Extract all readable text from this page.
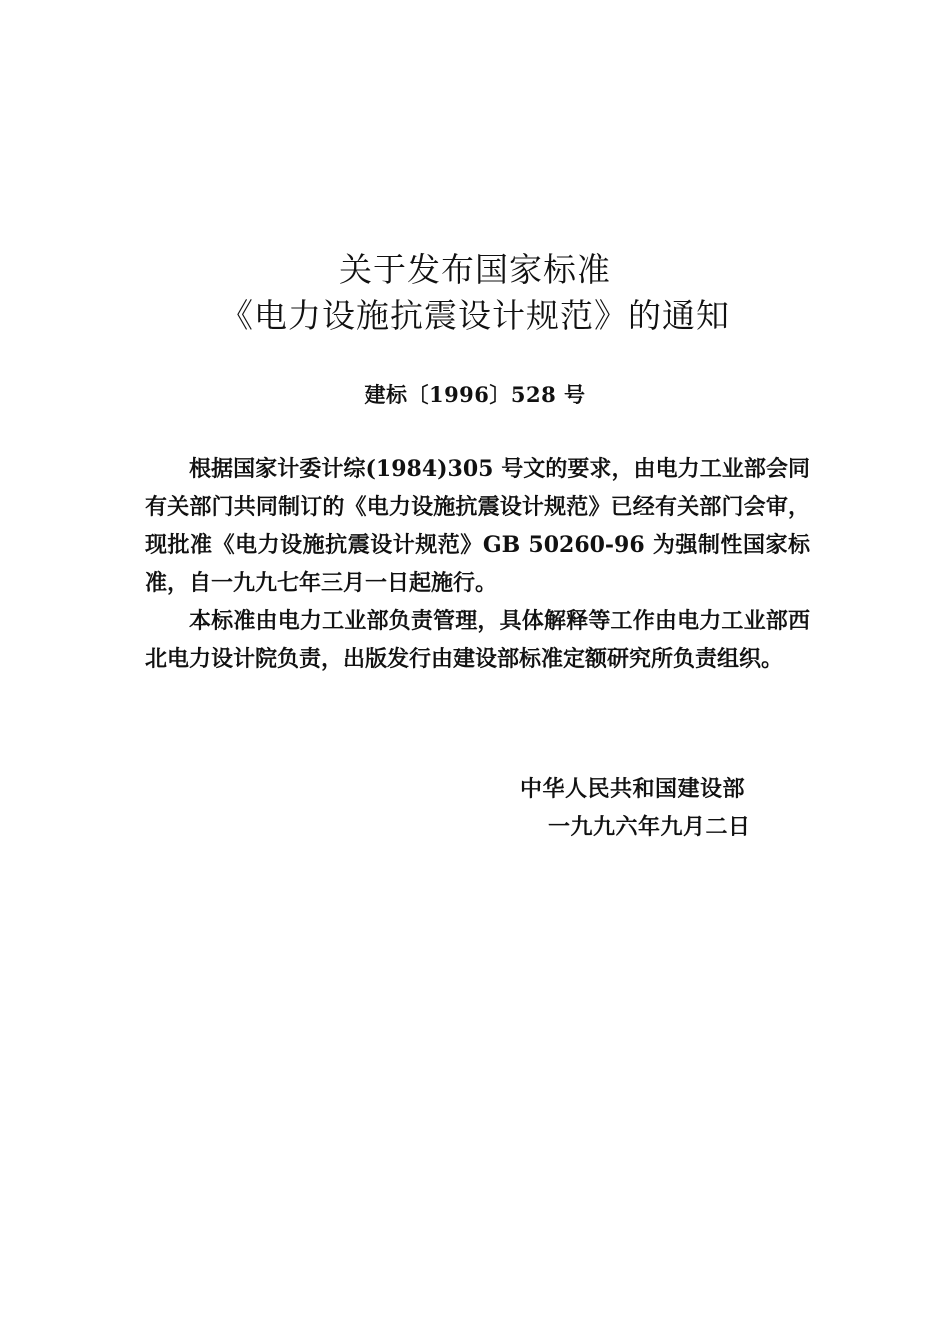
关于发布国家标准
《电力设施抗震设计规范》的通知
建标〔1996〕528 号

根据国家计委计综(1984)305 号文的要求，由电力工业部会同有关部门共同制订的《电力设施抗震设计规范》已经有关部门会审，现批准《电力设施抗震设计规范》GB 50260-96 为强制性国家标准，自一九九七年三月一日起施行。

本标准由电力工业部负责管理，具体解释等工作由电力工业部西北电力设计院负责，出版发行由建设部标准定额研究所负责组织。

中华人民共和国建设部
一九九六年九月二日
